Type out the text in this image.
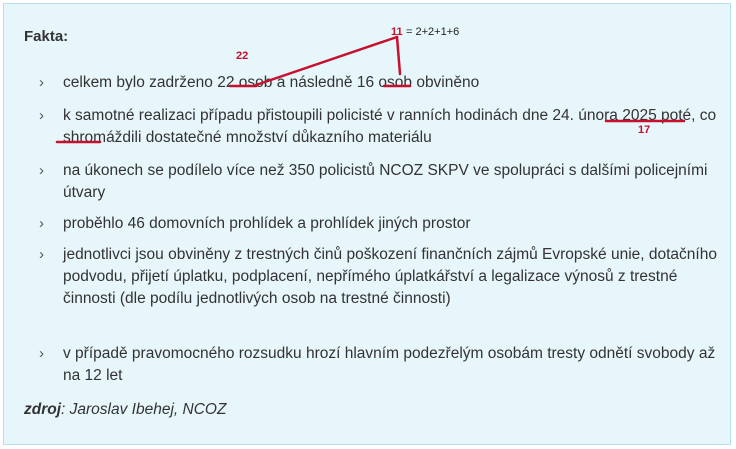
Fakta:
›	celkem bylo zadrženo 22 osob a následně 16 osob obviněno
›	k samotné realizaci případu přistoupili policisté v ranních hodinách dne 24. února 2025 poté, co shromáždili dostatečné množství důkazního materiálu
›	na úkonech se podílelo více než 350 policistů NCOZ SKPV ve spolupráci s dalšími policejními útvary
›	proběhlo 46 domovních prohlídek a prohlídek jiných prostor
›	jednotlivci jsou obviněny z trestných činů poškození finančních zájmů Evropské unie, dotačního podvodu, přijetí úplatku, podplacení, nepřímého úplatkářství a legalizace výnosů z trestné činnosti (dle podílu jednotlivých osob na trestné činnosti)
›	v případě pravomocného rozsudku hrozí hlavním podezřelým osobám tresty odnětí svobody až na 12 let
zdroj: Jaroslav Ibehej, NCOZ
22
11 = 2+2+1+6
17
